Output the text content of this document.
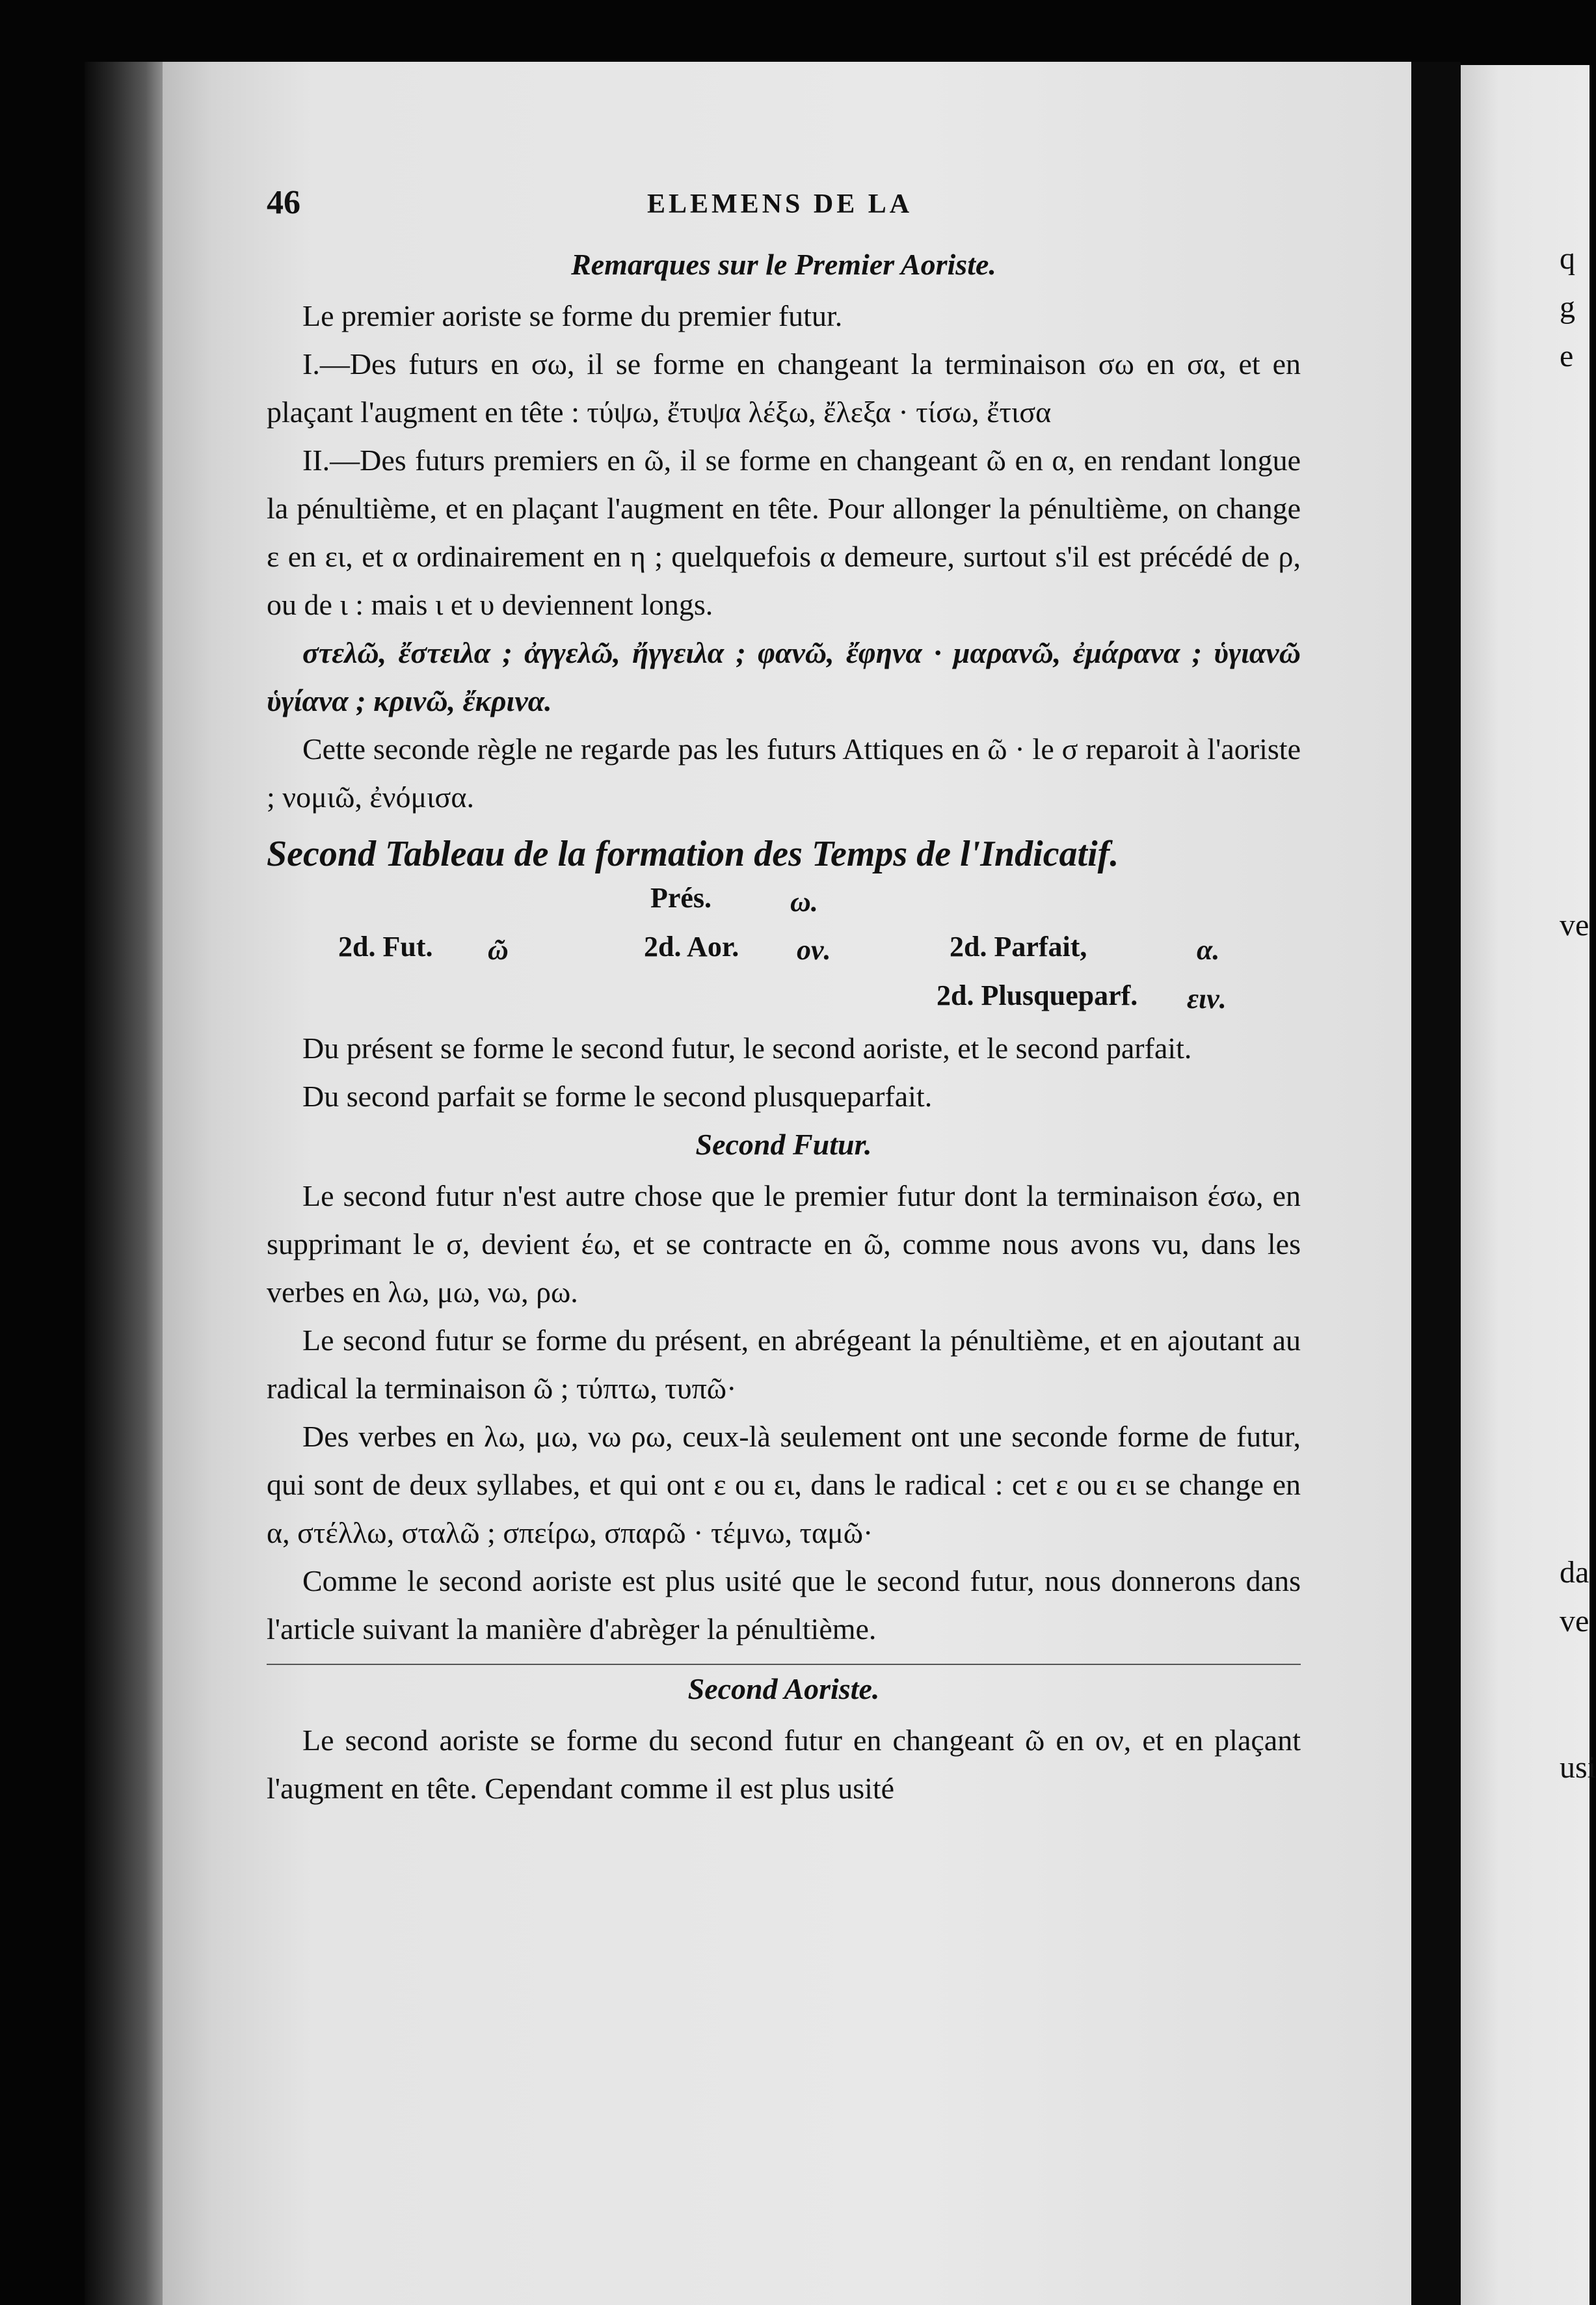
q
g
e
ve
da
ve
usi
46	ELEMENS DE LA
Remarques sur le Premier Aoriste.

Le premier aoriste se forme du premier futur.

I.—Des futurs en σω, il se forme en changeant la terminaison σω en σα, et en plaçant l'augment en tête : τύψω, ἔτυψα λέξω, ἔλεξα · τίσω, ἔτισα

II.—Des futurs premiers en ῶ, il se forme en changeant ῶ en α, en rendant longue la pénultième, et en plaçant l'augment en tête. Pour allonger la pénultième, on change ε en ει, et α ordinairement en η ; quelquefois α demeure, surtout s'il est précédé de ρ, ou de ι : mais ι et υ deviennent longs.

στελῶ, ἔστειλα ; ἀγγελῶ, ἤγγειλα ; φανῶ, ἔφηνα · μαρανῶ, ἐμάρανα ; ὑγιανῶ ὑγίανα ; κρινῶ, ἔκρινα.

Cette seconde règle ne regarde pas les futurs Attiques en ῶ · le σ reparoit à l'aoriste ; νομιῶ, ἐνόμισα.

Second Tableau de la formation des Temps de l'Indicatif.
Prés.	ω.
2d. Fut. ῶ	2d. Aor. ον.	2d. Parfait,	α.
2d. Plusqueparf. ειν.

Du présent se forme le second futur, le second aoriste, et le second parfait.

Du second parfait se forme le second plusqueparfait.

Second Futur.

Le second futur n'est autre chose que le premier futur dont la terminaison έσω, en supprimant le σ, devient έω, et se contracte en ῶ, comme nous avons vu, dans les verbes en λω, μω, νω, ρω.

Le second futur se forme du présent, en abrégeant la pénultième, et en ajoutant au radical la terminaison ῶ ; τύπτω, τυπῶ·

Des verbes en λω, μω, νω ρω, ceux-là seulement ont une seconde forme de futur, qui sont de deux syllabes, et qui ont ε ou ει, dans le radical : cet ε ou ει se change en α, στέλλω, σταλῶ ; σπείρω, σπαρῶ · τέμνω, ταμῶ·

Comme le second aoriste est plus usité que le second futur, nous donnerons dans l'article suivant la manière d'abrèger la pénultième.

Second Aoriste.

Le second aoriste se forme du second futur en changeant ῶ en ον, et en plaçant l'augment en tête. Cependant comme il est plus usité
